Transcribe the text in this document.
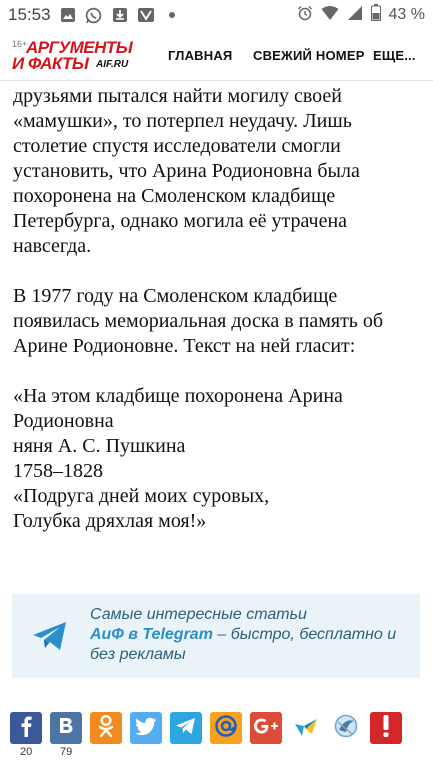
15:53	43 %
16+
АРГУМЕНТЫ
И ФАКТЫ AIF.RU
ГЛАВНАЯ СВЕЖИЙ НОМЕР ЕЩЕ...

друзьями пытался найти могилу своей «мамушки», то потерпел неудачу. Лишь столетие спустя исследователи смогли установить, что Арина Родионовна была похоронена на Смоленском кладбище Петербурга, однако могила её утрачена навсегда.

В 1977 году на Смоленском кладбище появилась мемориальная доска в память об Арине Родионовне. Текст на ней гласит:

«На этом кладбище похоронена Арина Родионовна
няня А. С. Пушкина
1758–1828
«Подруга дней моих суровых,
Голубка дряхлая моя!»

Самые интересные статьи
АиФ в Telegram – быстро, бесплатно и без рекламы
20	79
